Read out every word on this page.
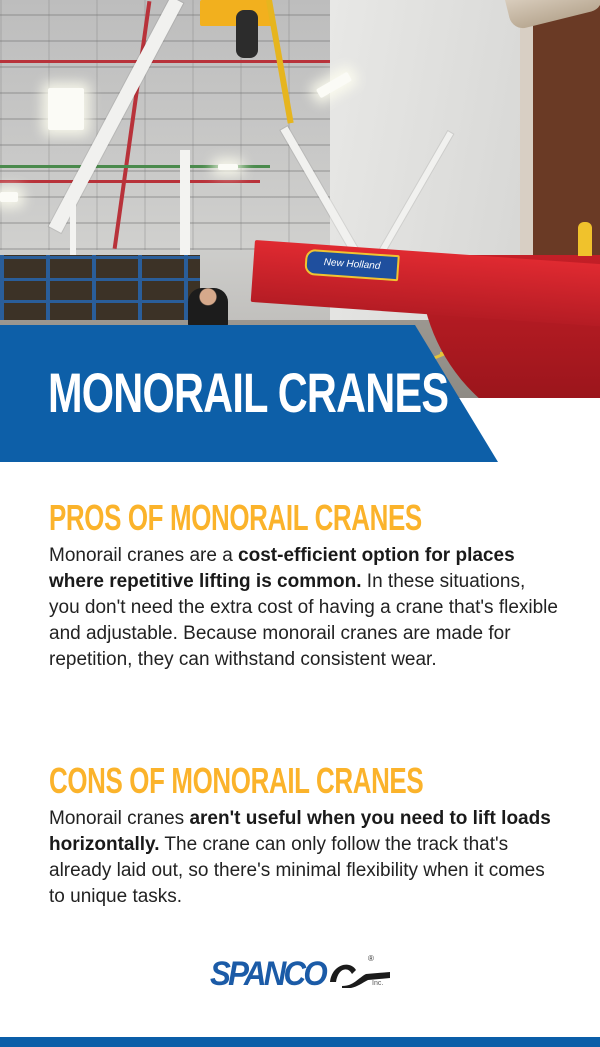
New Holland
MONORAIL CRANES
PROS OF MONORAIL CRANES

Monorail cranes are a cost-efficient option for places where repetitive lifting is common. In these situations, you don't need the extra cost of having a crane that's flexible and adjustable. Because monorail cranes are made for repetition, they can withstand consistent wear.

CONS OF MONORAIL CRANES

Monorail cranes aren't useful when you need to lift loads horizontally. The crane can only follow the track that's already laid out, so there's minimal flexibility when it comes to unique tasks.

SPANCO	®
Inc.
